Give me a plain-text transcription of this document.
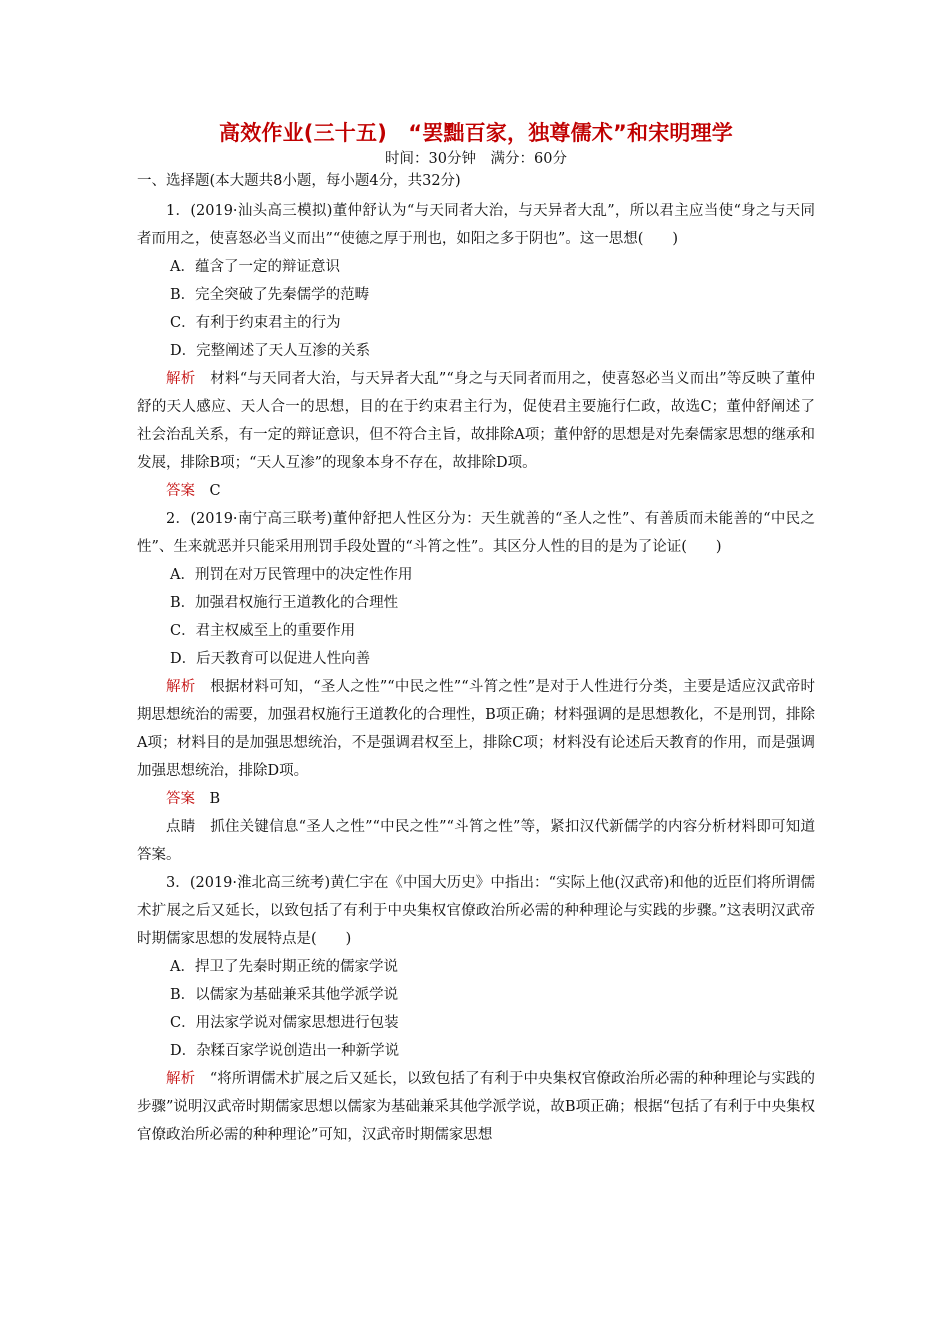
高效作业(三十五)　“罢黜百家，独尊儒术”和宋明理学
时间：30分钟　满分：60分
一、选择题(本大题共8小题，每小题4分，共32分)

1．(2019·汕头高三模拟)董仲舒认为“与天同者大治，与天异者大乱”，所以君主应当使“身之与天同者而用之，使喜怒必当义而出”“使德之厚于刑也，如阳之多于阴也”。这一思想(　　)

A．蕴含了一定的辩证意识

B．完全突破了先秦儒学的范畴

C．有利于约束君主的行为

D．完整阐述了天人互渗的关系

解析　 材料“与天同者大治，与天异者大乱”“身之与天同者而用之，使喜怒必当义而出”等反映了董仲舒的天人感应、天人合一的思想，目的在于约束君主行为，促使君主要施行仁政，故选C；董仲舒阐述了社会治乱关系，有一定的辩证意识，但不符合主旨，故排除A项；董仲舒的思想是对先秦儒家思想的继承和发展，排除B项；“天人互渗”的现象本身不存在，故排除D项。

答案　 C

2．(2019·南宁高三联考)董仲舒把人性区分为：天生就善的“圣人之性”、有善质而未能善的“中民之性”、生来就恶并只能采用刑罚手段处置的“斗筲之性”。其区分人性的目的是为了论证(　　)

A．刑罚在对万民管理中的决定性作用

B．加强君权施行王道教化的合理性

C．君主权威至上的重要作用

D．后天教育可以促进人性向善

解析　 根据材料可知，“圣人之性”“中民之性”“斗筲之性”是对于人性进行分类，主要是适应汉武帝时期思想统治的需要，加强君权施行王道教化的合理性，B项正确；材料强调的是思想教化，不是刑罚，排除A项；材料目的是加强思想统治，不是强调君权至上，排除C项；材料没有论述后天教育的作用，而是强调加强思想统治，排除D项。

答案　 B

点睛　 抓住关键信息“圣人之性”“中民之性”“斗筲之性”等，紧扣汉代新儒学的内容分析材料即可知道答案。

3．(2019·淮北高三统考)黄仁宇在《中国大历史》中指出：“实际上他(汉武帝)和他的近臣们将所谓儒术扩展之后又延长，以致包括了有利于中央集权官僚政治所必需的种种理论与实践的步骤。”这表明汉武帝时期儒家思想的发展特点是(　　)

A．捍卫了先秦时期正统的儒家学说

B．以儒家为基础兼采其他学派学说

C．用法家学说对儒家思想进行包装

D．杂糅百家学说创造出一种新学说

解析　 “将所谓儒术扩展之后又延长，以致包括了有利于中央集权官僚政治所必需的种种理论与实践的步骤”说明汉武帝时期儒家思想以儒家为基础兼采其他学派学说，故B项正确；根据“包括了有利于中央集权官僚政治所必需的种种理论”可知，汉武帝时期儒家思想
